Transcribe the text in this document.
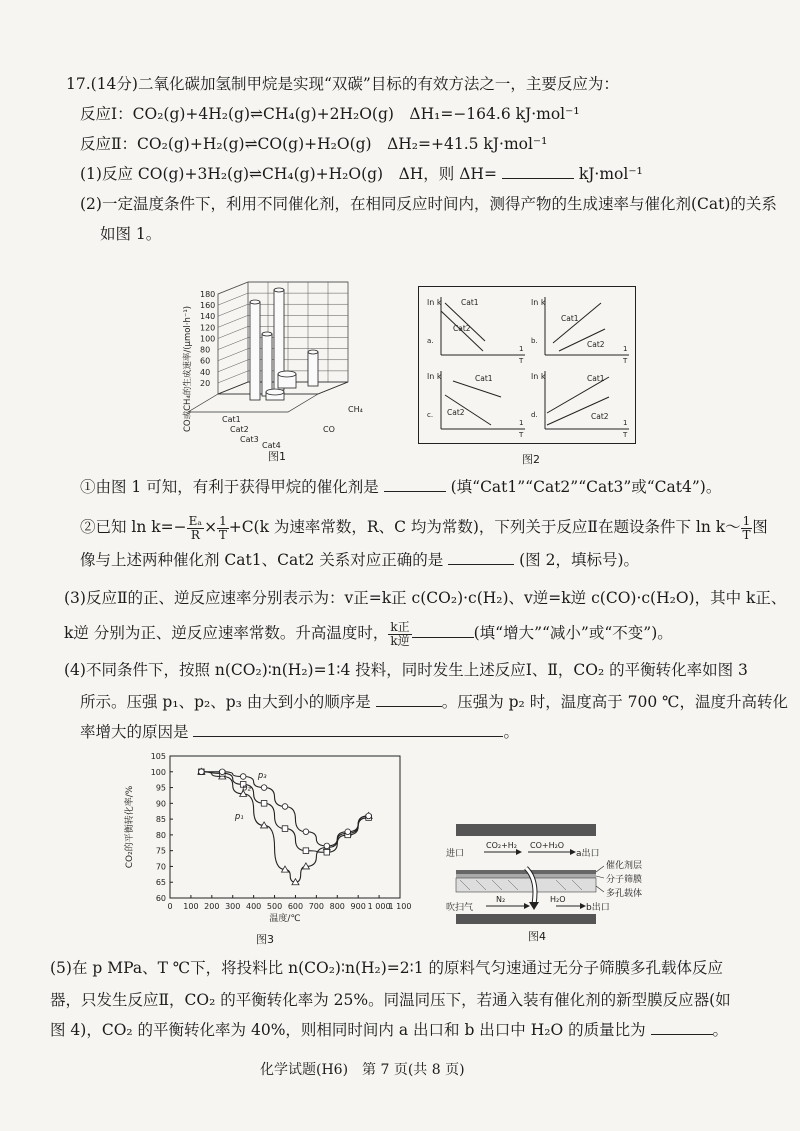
17.(14分)二氧化碳加氢制甲烷是实现“双碳”目标的有效方法之一，主要反应为：
反应Ⅰ：CO₂(g)+4H₂(g)⇌CH₄(g)+2H₂O(g)　ΔH₁=−164.6 kJ·mol⁻¹
反应Ⅱ：CO₂(g)+H₂(g)⇌CO(g)+H₂O(g)　ΔH₂=+41.5 kJ·mol⁻¹
(1)反应 CO(g)+3H₂(g)⇌CH₄(g)+H₂O(g)　ΔH，则 ΔH=	kJ·mol⁻¹
(2)一定温度条件下，利用不同催化剂，在相同反应时间内，测得产物的生成速率与催化剂(Cat)的关系
如图 1。
20
40
60
80
100
120
140
160
180
Cat1
Cat2
Cat3
Cat4
CH₄
CO
CO或CH₄的生成速率/(μmol·h⁻¹)
图1
ln k
a.
1
T
Cat1
Cat2
ln k
b.
1
T
Cat1
Cat2
ln k
c.
1
T
Cat1
Cat2
ln k
d.
1
T
Cat1
Cat2
图2
①由图 1 可知，有利于获得甲烷的催化剂是	(填“Cat1”“Cat2”“Cat3”或“Cat4”)。
②已知 $\ln k=- \frac{\text{Eₐ}}{R} \times \frac{1}{T} +C(k$ 为速率常数，R、C 均为常数)，下列关于反应Ⅱ在题设条件下 ln k～ $\frac{1}{T}$ 图
像与上述两种催化剂 Cat1、Cat2 关系对应正确的是	(图 2，填标号)。
(3)反应Ⅱ的正、逆反应速率分别表示为：v正=k正 c(CO₂)·c(H₂)、v逆=k逆 c(CO)·c(H₂O)，其中 k正、
k逆 分别为正、逆反应速率常数。升高温度时， $\frac{\text{k正}}{\text{k逆}}$	(填“增大”“减小”或“不变”)。
(4)不同条件下，按照 n(CO₂)∶n(H₂)=1∶4 投料，同时发生上述反应Ⅰ、Ⅱ，CO₂ 的平衡转化率如图 3
所示。压强 p₁、p₂、p₃ 由大到小的顺序是	。压强为 p₂ 时，温度高于 700 ℃，温度升高转化
率增大的原因是	。
60
65
70
75
80
85
90
95
100
105
0 100 200 300 400 500 600 700 800 900 1 000
1 100
温度/℃
CO₂的平衡转化率/%	p₁
p₂
p₃
图3
进口
CO₂+H₂ CO+H₂O
a出口
吹扫气
N₂	H₂O
b出口
催化剂层
分子筛膜
多孔载体
图4
(5)在 p MPa、T ℃下，将投料比 n(CO₂)∶n(H₂)=2∶1 的原料气匀速通过无分子筛膜多孔载体反应
器，只发生反应Ⅱ，CO₂ 的平衡转化率为 25%。同温同压下，若通入装有催化剂的新型膜反应器(如
图 4)，CO₂ 的平衡转化率为 40%，则相同时间内 a 出口和 b 出口中 H₂O 的质量比为	。
化学试题(H6)　第 7 页(共 8 页)
